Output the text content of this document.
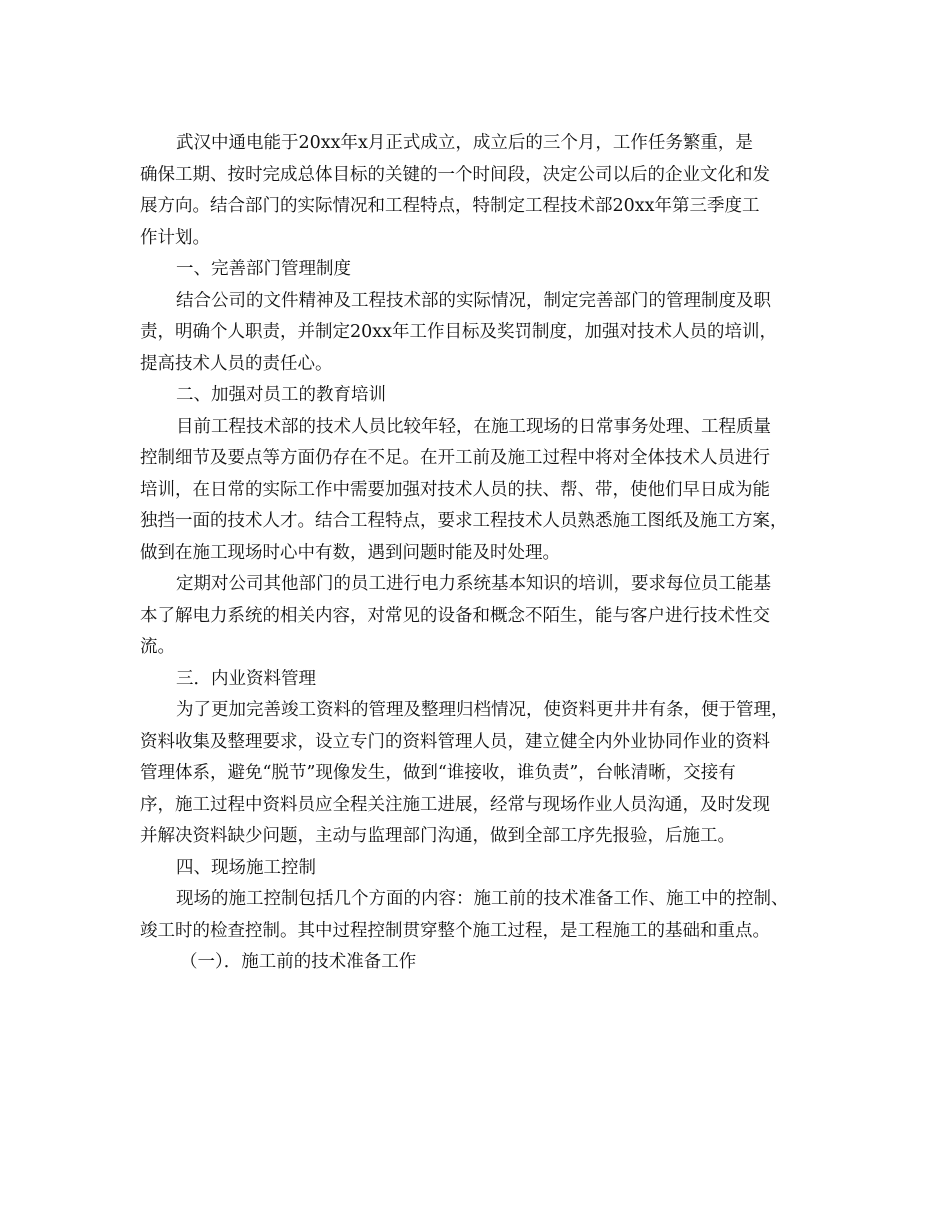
武汉中通电能于20xx年x月正式成立，成立后的三个月，工作任务繁重，是

确保工期、按时完成总体目标的关键的一个时间段，决定公司以后的企业文化和发

展方向。结合部门的实际情况和工程特点，特制定工程技术部20xx年第三季度工

作计划。

一、完善部门管理制度

结合公司的文件精神及工程技术部的实际情况，制定完善部门的管理制度及职

责，明确个人职责，并制定20xx年工作目标及奖罚制度，加强对技术人员的培训，

提高技术人员的责任心。

二、加强对员工的教育培训

目前工程技术部的技术人员比较年轻，在施工现场的日常事务处理、工程质量

控制细节及要点等方面仍存在不足。在开工前及施工过程中将对全体技术人员进行

培训，在日常的实际工作中需要加强对技术人员的扶、帮、带，使他们早日成为能

独挡一面的技术人才。结合工程特点，要求工程技术人员熟悉施工图纸及施工方案，

做到在施工现场时心中有数，遇到问题时能及时处理。

定期对公司其他部门的员工进行电力系统基本知识的培训，要求每位员工能基

本了解电力系统的相关内容，对常见的设备和概念不陌生，能与客户进行技术性交

流。

三．内业资料管理

为了更加完善竣工资料的管理及整理归档情况，使资料更井井有条，便于管理，

资料收集及整理要求，设立专门的资料管理人员，建立健全内外业协同作业的资料

管理体系，避免“脱节”现像发生，做到“谁接收，谁负责”，台帐清晰，交接有

序，施工过程中资料员应全程关注施工进展，经常与现场作业人员沟通，及时发现

并解决资料缺少问题，主动与监理部门沟通，做到全部工序先报验，后施工。

四、现场施工控制

现场的施工控制包括几个方面的内容：施工前的技术准备工作、施工中的控制、

竣工时的检查控制。其中过程控制贯穿整个施工过程，是工程施工的基础和重点。

（一）．施工前的技术准备工作
